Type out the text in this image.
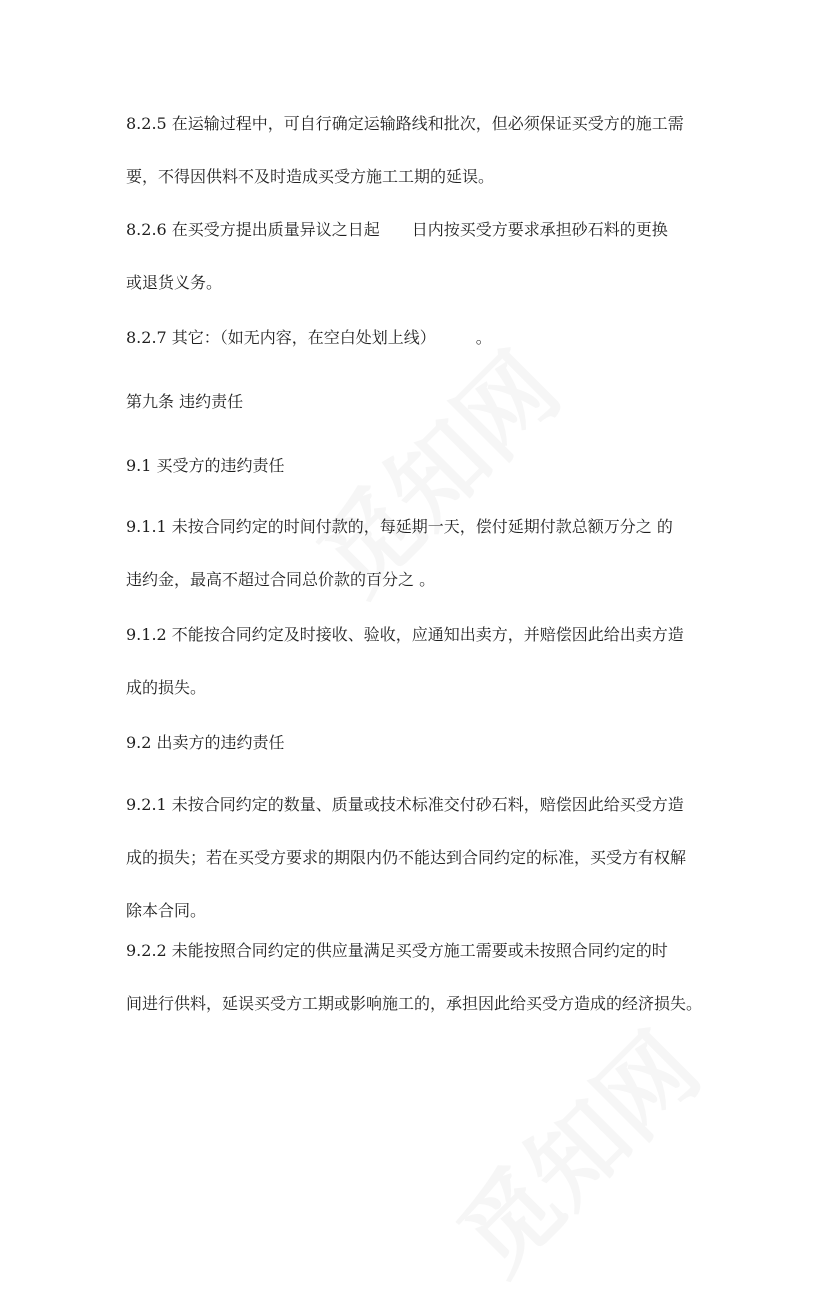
8.2.5 在运输过程中，可自行确定运输路线和批次，但必须保证买受方的施工需
要，不得因供料不及时造成买受方施工工期的延误。
8.2.6 在买受方提出质量异议之日起　　日内按买受方要求承担砂石料的更换
或退货义务。
8.2.7 其它：（如无内容，在空白处划上线）　　　。
第九条 违约责任
9.1 买受方的违约责任
9.1.1 未按合同约定的时间付款的，每延期一天，偿付延期付款总额万分之 的
违约金，最高不超过合同总价款的百分之 。
9.1.2 不能按合同约定及时接收、验收，应通知出卖方，并赔偿因此给出卖方造
成的损失。
9.2 出卖方的违约责任
9.2.1 未按合同约定的数量、质量或技术标准交付砂石料，赔偿因此给买受方造
成的损失；若在买受方要求的期限内仍不能达到合同约定的标准，买受方有权解
除本合同。
9.2.2 未能按照合同约定的供应量满足买受方施工需要或未按照合同约定的时
间进行供料，延误买受方工期或影响施工的，承担因此给买受方造成的经济损失。
